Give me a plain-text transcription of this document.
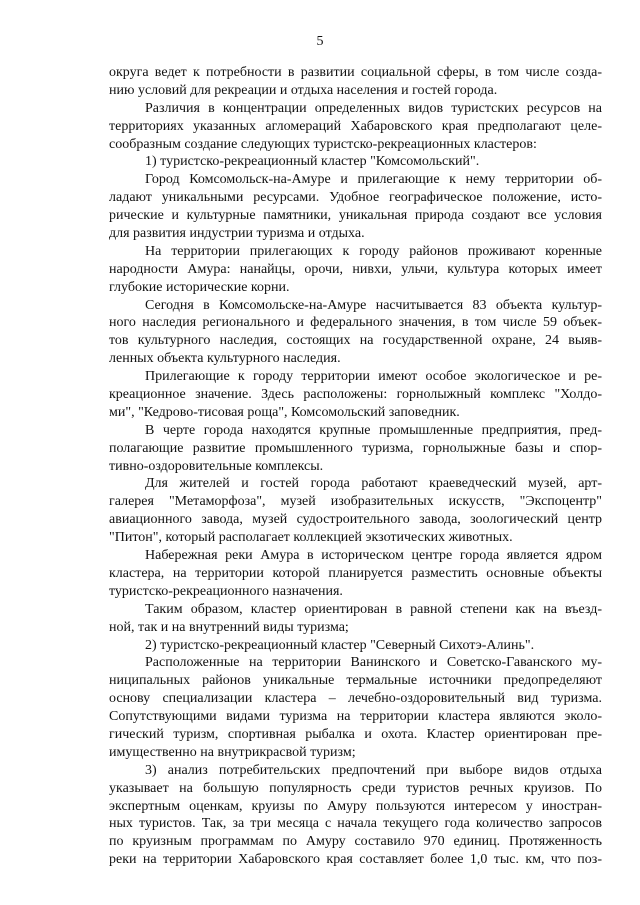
5
округа ведет к потребности в развитии социальной сферы, в том числе созда-
нию условий для рекреации и отдыха населения и гостей города.
Различия в концентрации определенных видов туристских ресурсов на
территориях указанных агломераций Хабаровского края предполагают целе-
сообразным создание следующих туристско-рекреационных кластеров:
1) туристско-рекреационный кластер "Комсомольский".
Город Комсомольск-на-Амуре и прилегающие к нему территории об-
ладают уникальными ресурсами. Удобное географическое положение, исто-
рические и культурные памятники, уникальная природа создают все условия
для развития индустрии туризма и отдыха.
На территории прилегающих к городу районов проживают коренные
народности Амура: нанайцы, орочи, нивхи, ульчи, культура которых имеет
глубокие исторические корни.
Сегодня в Комсомольске-на-Амуре насчитывается 83 объекта культур-
ного наследия регионального и федерального значения, в том числе 59 объек-
тов культурного наследия, состоящих на государственной охране, 24 выяв-
ленных объекта культурного наследия.
Прилегающие к городу территории имеют особое экологическое и ре-
креационное значение. Здесь расположены: горнолыжный комплекс "Холдо-
ми", "Кедрово-тисовая роща", Комсомольский заповедник.
В черте города находятся крупные промышленные предприятия, пред-
полагающие развитие промышленного туризма, горнолыжные базы и спор-
тивно-оздоровительные комплексы.
Для жителей и гостей города работают краеведческий музей, арт-
галерея "Метаморфоза", музей изобразительных искусств, "Экспоцентр"
авиационного завода, музей судостроительного завода, зоологический центр
"Питон", который располагает коллекцией экзотических животных.
Набережная реки Амура в историческом центре города является ядром
кластера, на территории которой планируется разместить основные объекты
туристско-рекреационного назначения.
Таким образом, кластер ориентирован в равной степени как на въезд-
ной, так и на внутренний виды туризма;
2) туристско-рекреационный кластер "Северный Сихотэ-Алинь".
Расположенные на территории Ванинского и Советско-Гаванского му-
ниципальных районов уникальные термальные источники предопределяют
основу специализации кластера – лечебно-оздоровительный вид туризма.
Сопутствующими видами туризма на территории кластера являются эколо-
гический туризм, спортивная рыбалка и охота. Кластер ориентирован пре-
имущественно на внутрикрасвой туризм;
3) анализ потребительских предпочтений при выборе видов отдыха
указывает на большую популярность среди туристов речных круизов. По
экспертным оценкам, круизы по Амуру пользуются интересом у иностран-
ных туристов. Так, за три месяца с начала текущего года количество запросов
по круизным программам по Амуру составило 970 единиц. Протяженность
реки на территории Хабаровского края составляет более 1,0 тыс. км, что поз-
